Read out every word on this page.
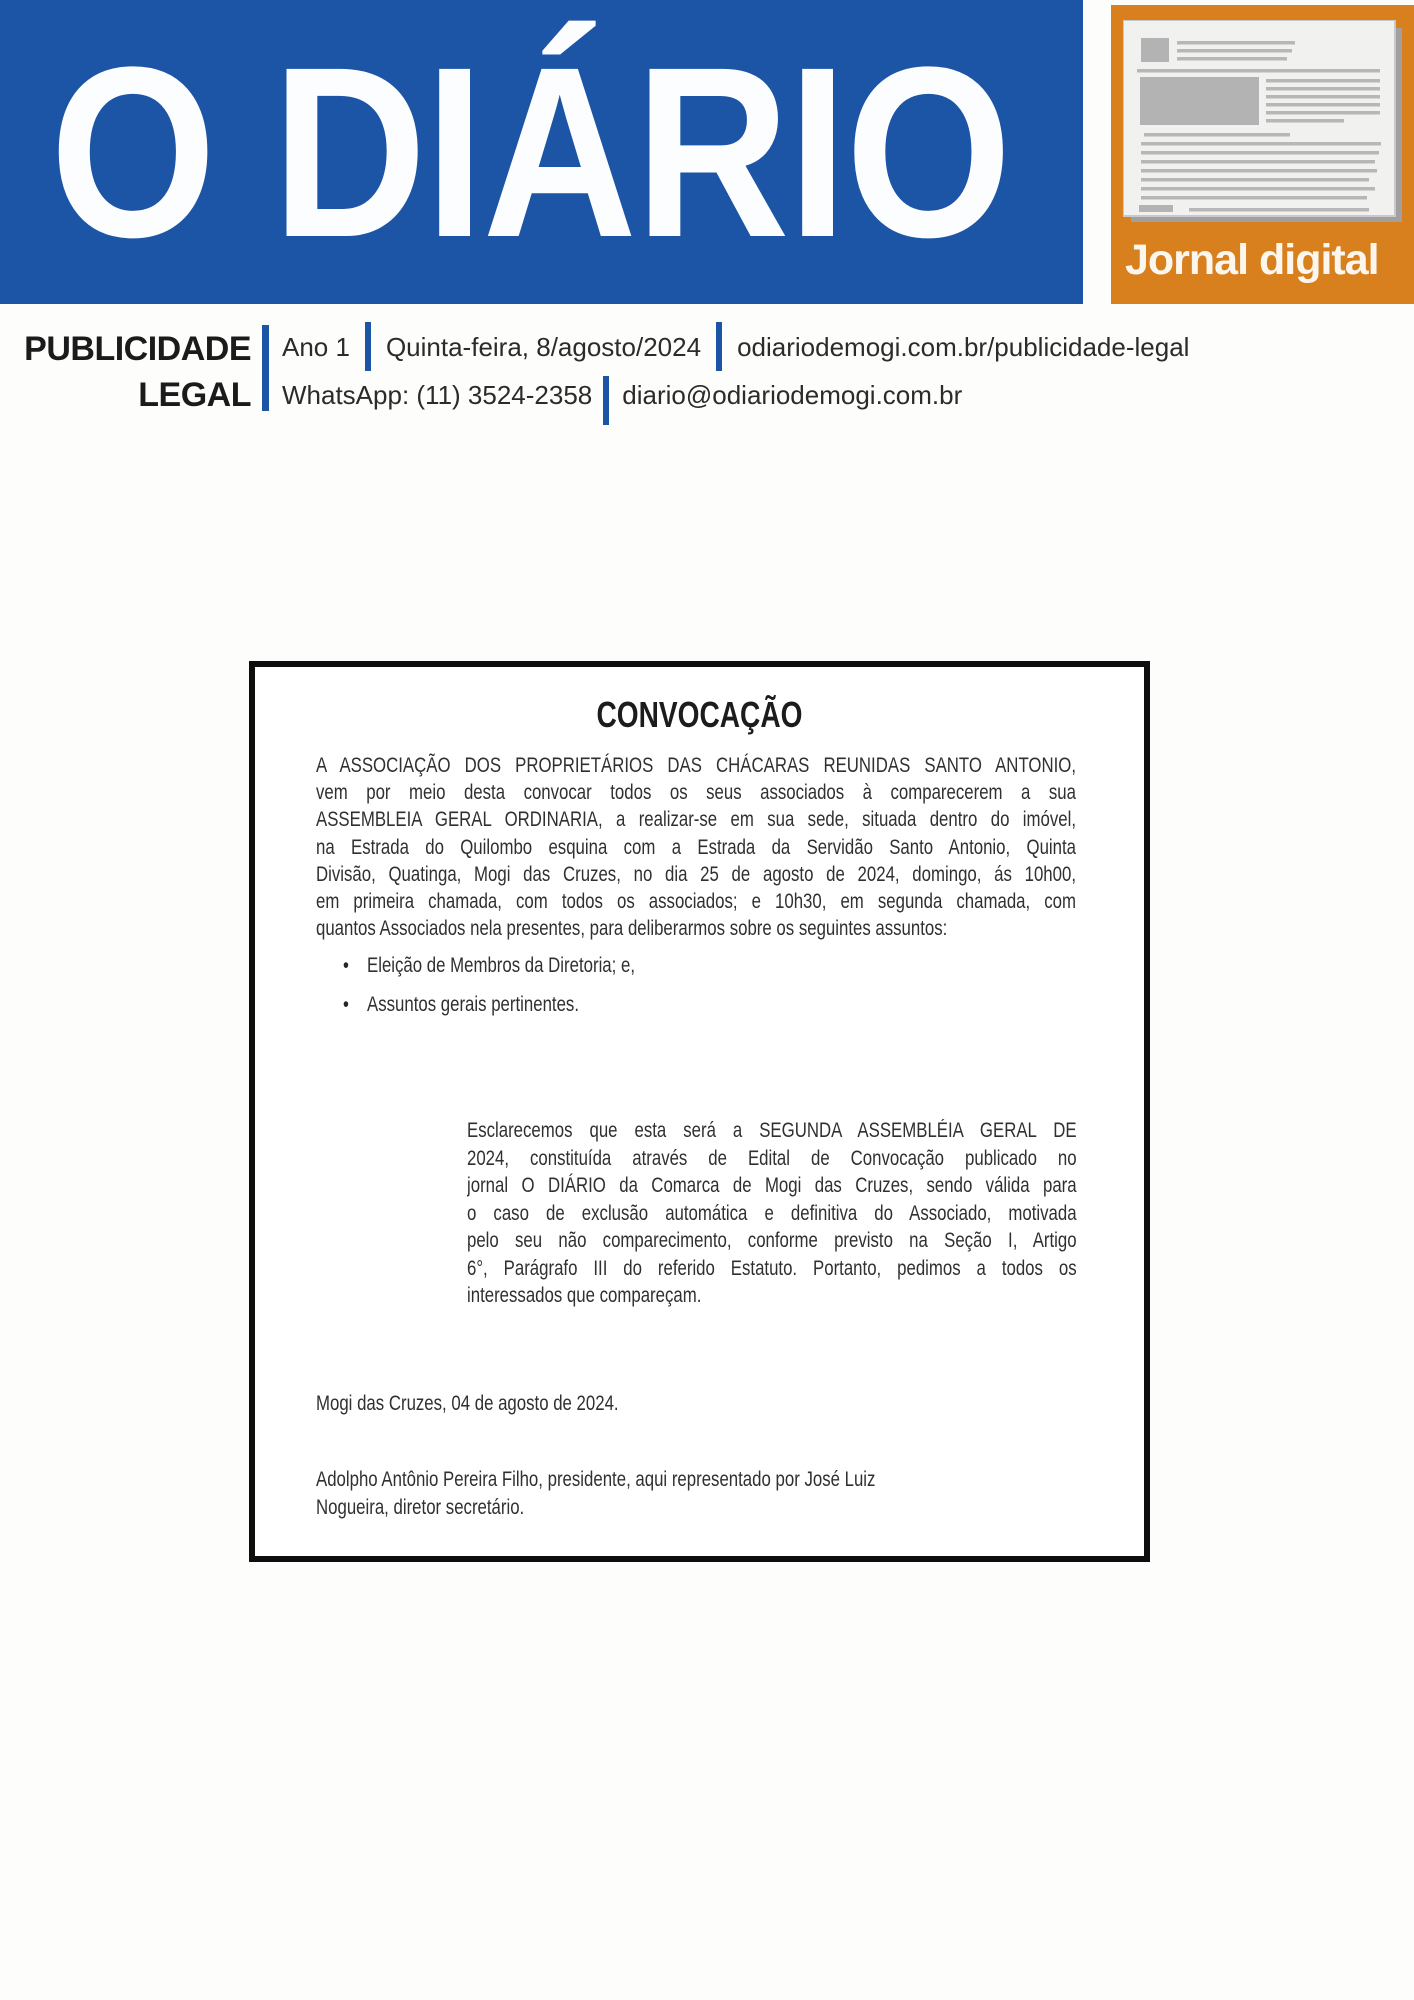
O DIÁRIO	Jornal digital
PUBLICIDADE
LEGAL
Ano 1 Quinta-feira, 8/agosto/2024 odiariodemogi.com.br/publicidade-legal
WhatsApp: (11) 3524-2358 diario@odiariodemogi.com.br
CONVOCAÇÃO
A ASSOCIAÇÃO DOS PROPRIETÁRIOS DAS CHÁCARAS REUNIDAS SANTO ANTONIO,
vem por meio desta convocar todos os seus associados à comparecerem a sua
ASSEMBLEIA GERAL ORDINARIA, a realizar-se em sua sede, situada dentro do imóvel,
na Estrada do Quilombo esquina com a Estrada da Servidão Santo Antonio, Quinta
Divisão, Quatinga, Mogi das Cruzes, no dia 25 de agosto de 2024, domingo, ás 10h00,
em primeira chamada, com todos os associados; e 10h30, em segunda chamada, com
quantos Associados nela presentes, para deliberarmos sobre os seguintes assuntos:
• Eleição de Membros da Diretoria; e,
• Assuntos gerais pertinentes.
Esclarecemos que esta será a SEGUNDA ASSEMBLÉIA GERAL DE
2024, constituída através de Edital de Convocação publicado no
jornal O DIÁRIO da Comarca de Mogi das Cruzes, sendo válida para
o caso de exclusão automática e definitiva do Associado, motivada
pelo seu não comparecimento, conforme previsto na Seção I, Artigo
6°, Parágrafo III do referido Estatuto. Portanto, pedimos a todos os
interessados que compareçam.
Mogi das Cruzes, 04 de agosto de 2024.
Adolpho Antônio Pereira Filho, presidente, aqui representado por José Luiz
Nogueira, diretor secretário.
